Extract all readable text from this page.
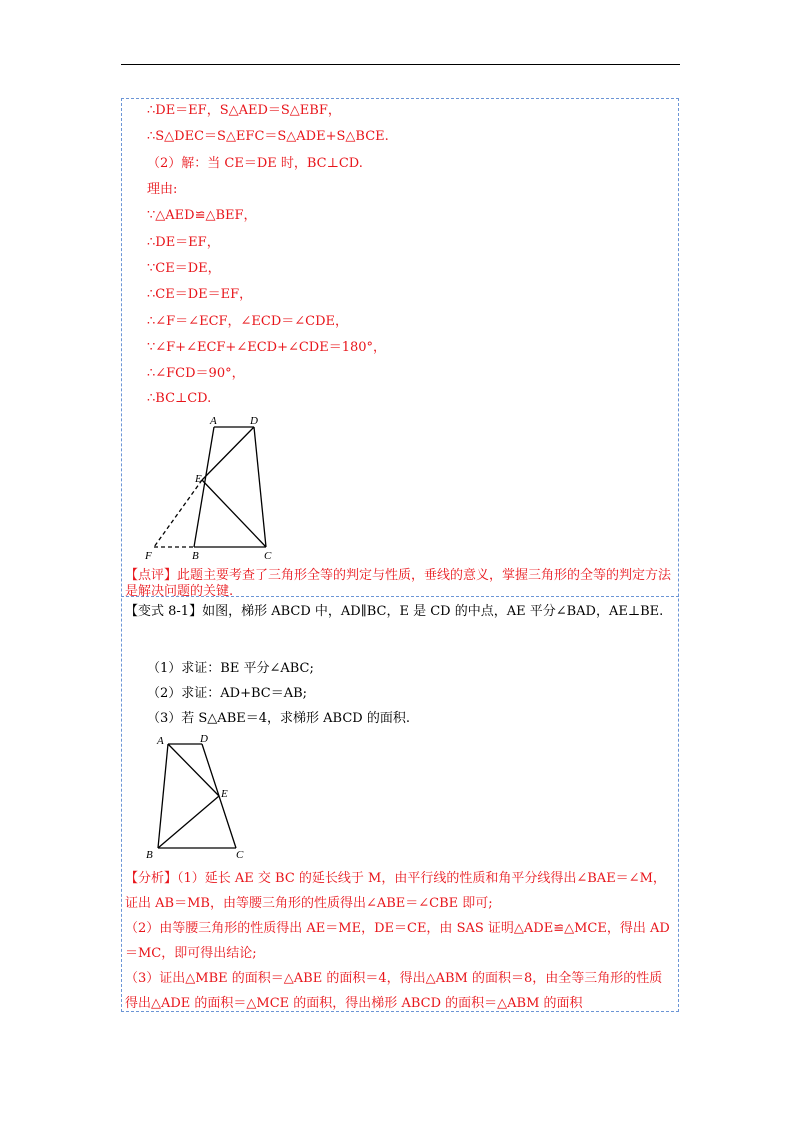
∴DE＝EF，S△AED＝S△EBF，
∴S△DEC＝S△EFC＝S△ADE+S△BCE.
（2）解：当 CE＝DE 时，BC⊥CD.
理由:
∵△AED≌△BEF，
∴DE＝EF，
∵CE＝DE，
∴CE＝DE＝EF，
∴∠F＝∠ECF，∠ECD＝∠CDE，
∵∠F+∠ECF+∠ECD+∠CDE＝180°，
∴∠FCD＝90°，
∴BC⊥CD.
A	D
E
F	B	C
【点评】此题主要考查了三角形全等的判定与性质，垂线的意义，掌握三角形的全等的判定方法是解决问题的关键.
【变式 8-1】如图，梯形 ABCD 中，AD∥BC，E 是 CD 的中点，AE 平分∠BAD，AE⊥BE.
（1）求证：BE 平分∠ABC;
（2）求证：AD+BC＝AB;
（3）若 S△ABE＝4，求梯形 ABCD 的面积.
A	D
E
B	C
【分析】（1）延长 AE 交 BC 的延长线于 M，由平行线的性质和角平分线得出∠BAE＝∠M，证出 AB＝MB，由等腰三角形的性质得出∠ABE＝∠CBE 即可;
（2）由等腰三角形的性质得出 AE＝ME，DE＝CE，由 SAS 证明△ADE≌△MCE，得出 AD＝MC，即可得出结论;
（3）证出△MBE 的面积＝△ABE 的面积＝4，得出△ABM 的面积＝8，由全等三角形的性质得出△ADE 的面积＝△MCE 的面积，得出梯形 ABCD 的面积＝△ABM 的面积
